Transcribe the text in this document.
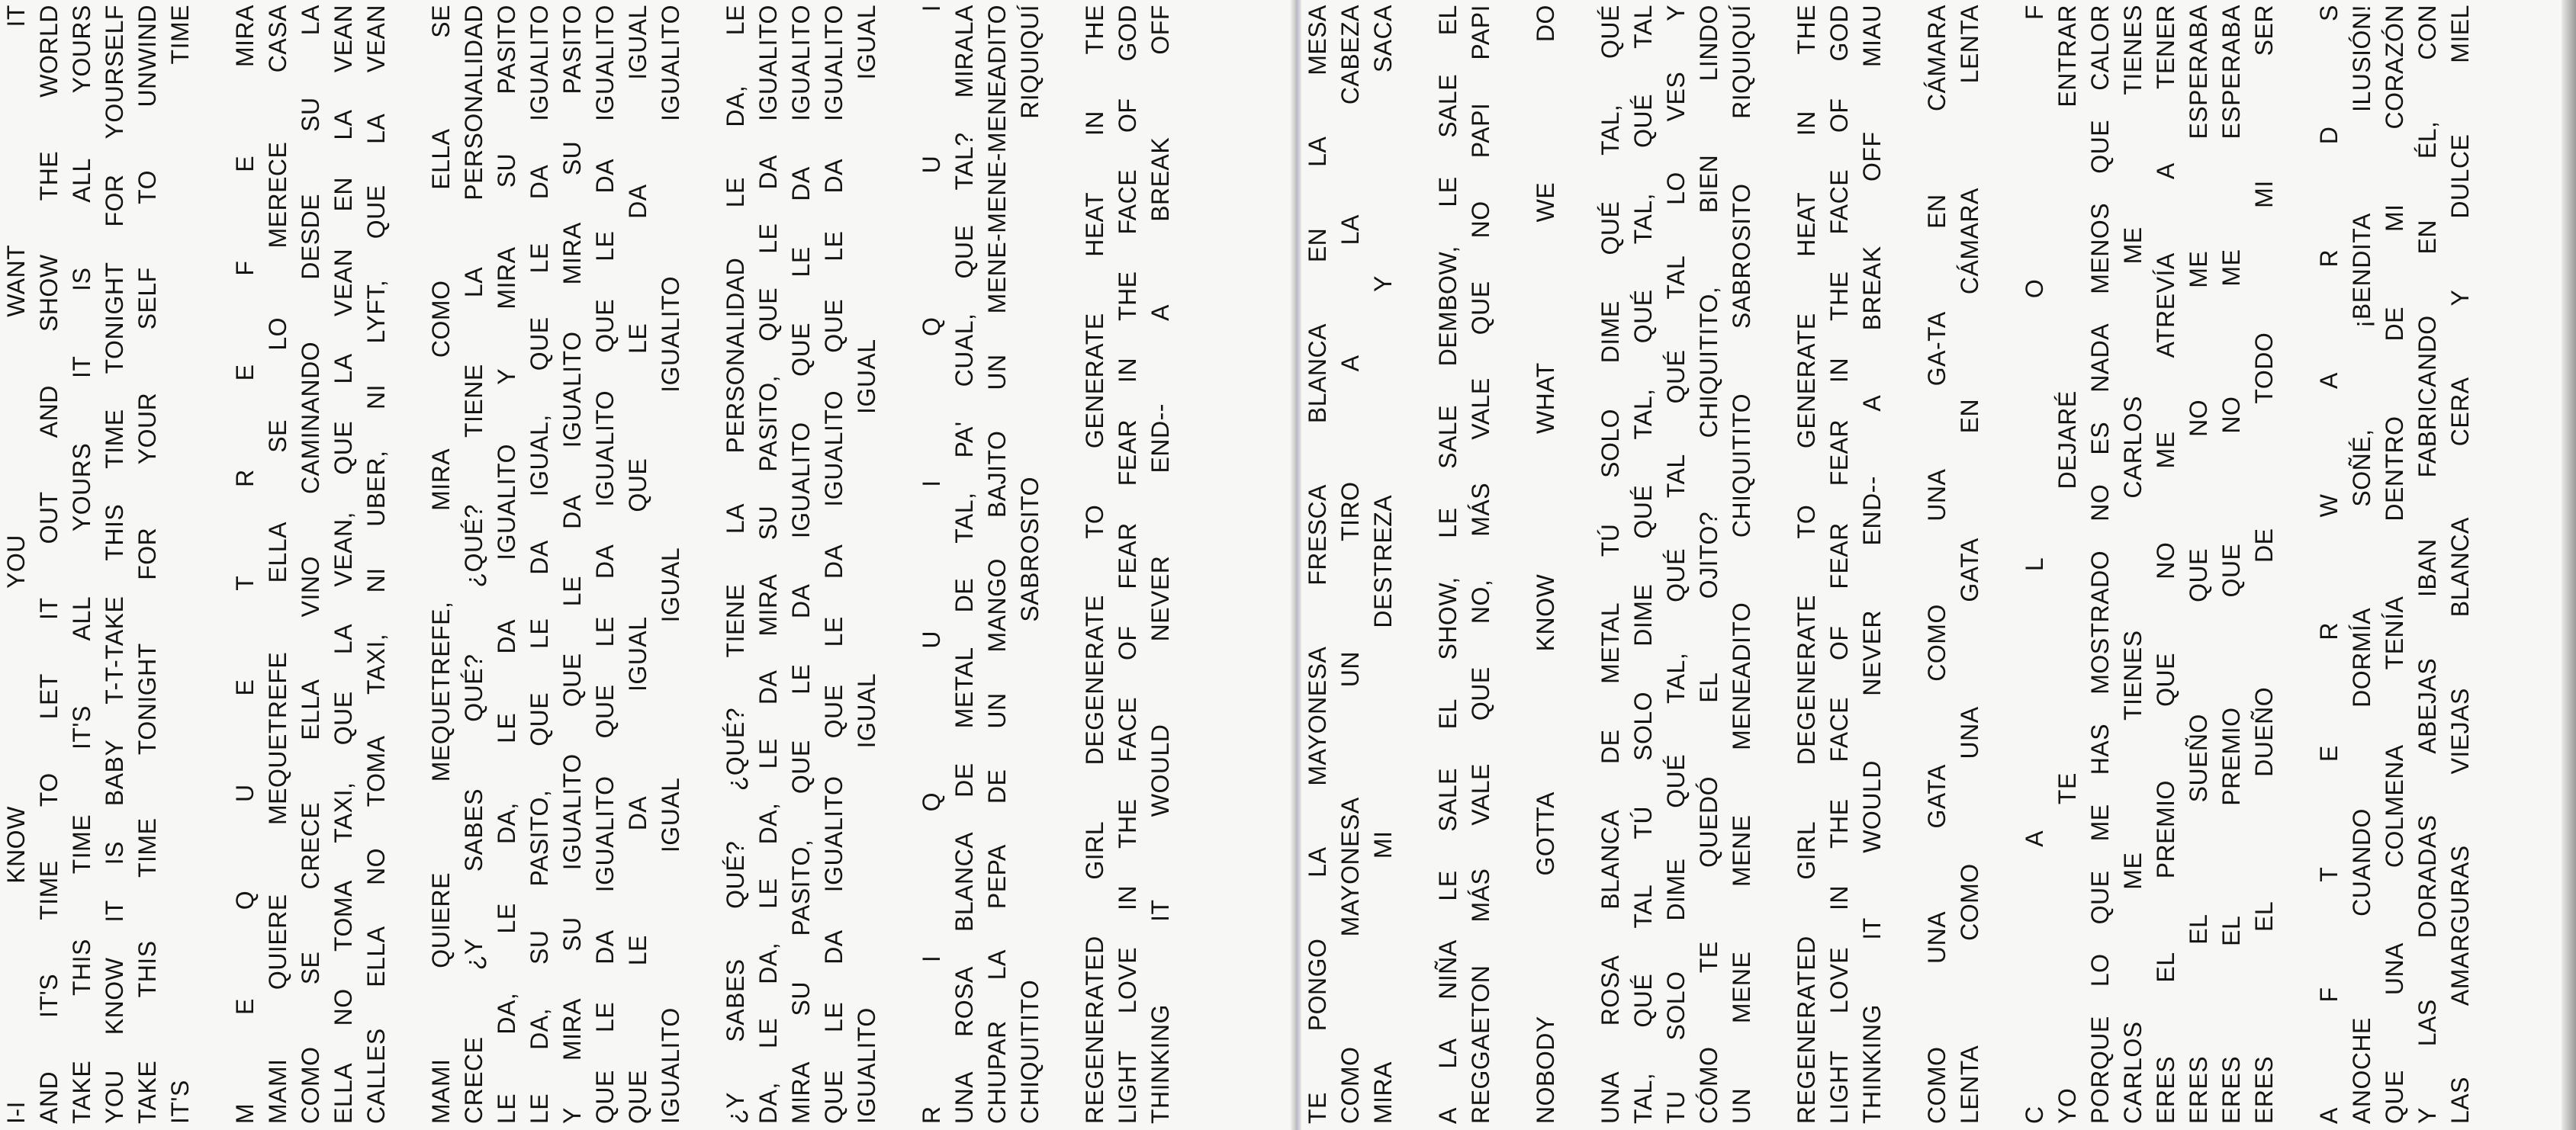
I-I
KNOW
YOU
WANT
IT
AND
IT'S
TIME
TO
LET
IT
OUT
AND
SHOW
THE
WORLD
TAKE
THIS
TIME
IT'S
ALL
YOURS
IT
IS
ALL
YOURS
YOU
KNOW
IT
IS
BABY
T-T-TAKE
THIS
TIME
TONIGHT
FOR
YOURSELF
TAKE
THIS
TIME
TONIGHT
FOR
YOUR
SELF
TO
UNWIND
IT'S
TIME
M
E
Q
U
E
T
R
E
F
E
MIRA
MAMI
QUIERE
MEQUETREFE
ELLA
SE
LO
MERECE
CASA
COMO
SE
CRECE
ELLA
VINO
CAMINANDO
DESDE
SU
LA
ELLA
NO
TOMA
TAXI,
QUE
LA
VEAN,
QUE
LA
VEAN
EN
LA
VEAN
CALLES
ELLA
NO
TOMA
TAXI,
NI
UBER,
NI
LYFT,
QUE
LA
VEAN
MAMI
QUIERE
MEQUETREFE,
MIRA
COMO
ELLA
SE
CRECE
¿Y
SABES
QUÉ?
¿QUÉ?
TIENE
LA
PERSONALIDAD
LE
DA,
LE
DA,
LE
DA
IGUALITO
Y
MIRA
SU
PASITO
LE
DA,
SU
PASITO,
QUE
LE
DA
IGUAL,
QUE
LE
DA
IGUALITO
Y
MIRA
SU
IGUALITO
QUE
LE
DA
IGUALITO
MIRA
SU
PASITO
QUE
LE
DA
IGUALITO
QUE
LE
DA
IGUALITO
QUE
LE
DA
IGUALITO
QUE
LE
DA
IGUAL
QUE
LE
DA
IGUAL
IGUALITO
IGUAL
IGUAL
IGUALITO
IGUALITO
¿Y
SABES
QUÉ?
¿QUÉ?
TIENE
LA
PERSONALIDAD
LE
DA,
LE
DA,
LE
DA,
LE
DA,
LE
DA
MIRA
SU
PASITO,
QUE
LE
DA
IGUALITO
MIRA
SU
PASITO,
QUE
LE
DA
IGUALITO
QUE
LE
DA
IGUALITO
QUE
LE
DA
IGUALITO
QUE
LE
DA
IGUALITO
QUE
LE
DA
IGUALITO
IGUALITO
IGUAL
IGUAL
IGUAL
R
I
Q
U
I
Q
U
I
UNA
ROSA
BLANCA
DE
METAL
DE
TAL,
PA'
CUAL,
QUE
TAL?
MIRALA
CHUPAR
LA
PEPA
DE
UN
MANGO
BAJITO
UN
MENE-MENE-MENEADITO
CHIQUITITO
SABROSITO
RIQUIQUÍ
REGENERATED
GIRL
DEGENERATE
TO
GENERATE
HEAT
IN
THE
LIGHT
LOVE
IN
THE
FACE
OF
FEAR
FEAR
IN
THE
FACE
OF
GOD
THINKING
IT
WOULD
NEVER
END--
A
BREAK
OFF
TE
PONGO
LA
MAYONESA
FRESCA
BLANCA
EN
LA
MESA
COMO
MAYONESA
UN
TIRO
A
LA
CABEZA
MIRA
MI
DESTREZA
Y
SACA
A
LA
NIÑA
LE
SALE
EL
SHOW,
LE
SALE
DEMBOW,
LE
SALE
EL
REGGAETON
MÁS
VALE
QUE
NO,
MÁS
VALE
QUE
NO
PAPI
PAPI
NOBODY
GOTTA
KNOW
WHAT
WE
DO
UNA
ROSA
BLANCA
DE
METAL
TÚ
SOLO
DIME
QUÉ
TAL,
QUÉ
TAL,
QUÉ
TAL
TÚ
SOLO
DIME
QUÉ
TAL,
QUÉ
TAL,
QUÉ
TAL
TU
SOLO
DIME
QUÉ
TAL,
QUÉ
TAL
QUÉ
TAL
LO
VES
Y
CÓMO
TE
QUEDÓ
EL
OJITO?
CHIQUITITO,
BIEN
LINDO
UN
MENE
MENE
MENEADITO
CHIQUITITO
SABROSITO
RIQUIQUÍ
REGENERATED
GIRL
DEGENERATE
TO
GENERATE
HEAT
IN
THE
LIGHT
LOVE
IN
THE
FACE
OF
FEAR
FEAR
IN
THE
FACE
OF
GOD
THINKING
IT
WOULD
NEVER
END--
A
BREAK
OFF
MIAU
COMO
UNA
GATA
COMO
UNA
GA-TA
EN
CÁMARA
LENTA
COMO
UNA
GATA
EN
CÁMARA
LENTA
C
A
L
O
F
YO
TE
DEJARÉ
ENTRAR
PORQUE
LO
QUE
ME
HAS
MOSTRADO
NO
ES
NADA
MENOS
QUE
CALOR
CARLOS
ME
TIENES
CARLOS
ME
TIENES
ERES
EL
PREMIO
QUE
NO
ME
ATREVÍA
A
TENER
ERES
EL
SUEÑO
QUE
NO
ME
ESPERABA
ERES
EL
PREMIO
QUE
NO
ME
ESPERABA
ERES
EL
DUEÑO
DE
TODO
MI
SER
A
F
T
E
R
W
A
R
D
S
ANOCHE
CUANDO
DORMÍA
SOÑÉ,
¡BENDITA
ILUSIÓN!
QUE
UNA
COLMENA
TENÍA
DENTRO
DE
MI
CORAZÓN
Y
LAS
DORADAS
ABEJAS
IBAN
FABRICANDO
EN
ÉL,
CON
LAS
AMARGURAS
VIEJAS
BLANCA
CERA
Y
DULCE
MIEL
